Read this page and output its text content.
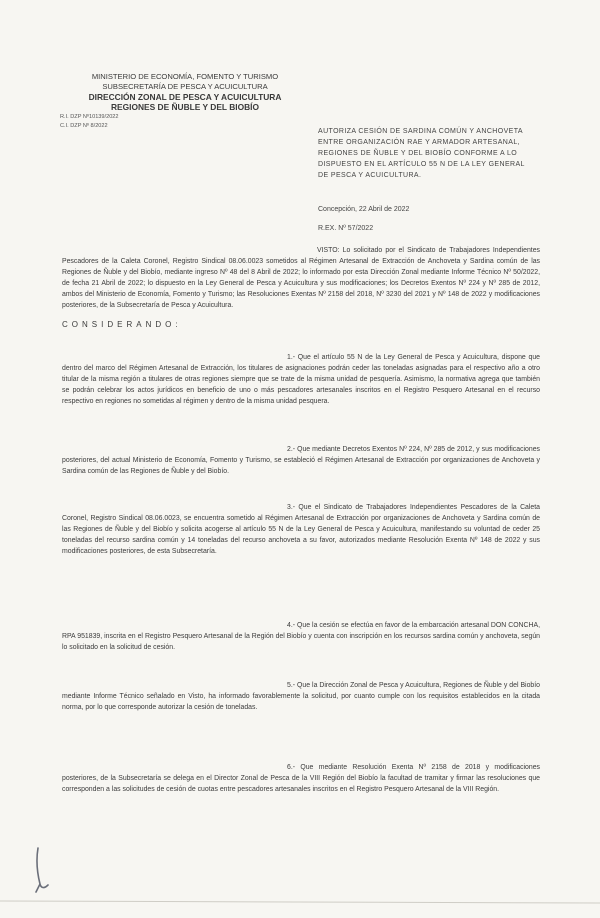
MINISTERIO DE ECONOMÍA, FOMENTO Y TURISMO
SUBSECRETARÍA DE PESCA Y ACUICULTURA
DIRECCIÓN ZONAL DE PESCA Y ACUICULTURA
REGIONES DE ÑUBLE Y DEL BIOBÍO
R.I. DZP Nº10139/2022
C.I. DZP Nº 8/2022
AUTORIZA CESIÓN DE SARDINA COMÚN Y ANCHOVETA ENTRE ORGANIZACIÓN RAE Y ARMADOR ARTESANAL, REGIONES DE ÑUBLE Y DEL BIOBÍO CONFORME A LO DISPUESTO EN EL ARTÍCULO 55 N DE LA LEY GENERAL DE PESCA Y ACUICULTURA.
Concepción, 22 Abril de 2022
R.EX. Nº 57/2022
VISTO: Lo solicitado por el Sindicato de Trabajadores Independientes Pescadores de la Caleta Coronel, Registro Sindical 08.06.0023 sometidos al Régimen Artesanal de Extracción de Anchoveta y Sardina común de las Regiones de Ñuble y del Biobío, mediante ingreso Nº 48 del 8 Abril de 2022; lo informado por esta Dirección Zonal mediante Informe Técnico Nº 50/2022, de fecha 21 Abril de 2022; lo dispuesto en la Ley General de Pesca y Acuicultura y sus modificaciones; los Decretos Exentos Nº 224 y Nº 285 de 2012, ambos del Ministerio de Economía, Fomento y Turismo; las Resoluciones Exentas Nº 2158 del 2018, Nº 3230 del 2021 y Nº 148 de 2022 y modificaciones posteriores, de la Subsecretaría de Pesca y Acuicultura.
CONSIDERANDO:
1.- Que el artículo 55 N de la Ley General de Pesca y Acuicultura, dispone que dentro del marco del Régimen Artesanal de Extracción, los titulares de asignaciones podrán ceder las toneladas asignadas para el respectivo año a otro titular de la misma región a titulares de otras regiones siempre que se trate de la misma unidad de pesquería. Asimismo, la normativa agrega que también se podrán celebrar los actos jurídicos en beneficio de uno o más pescadores artesanales inscritos en el Registro Pesquero Artesanal en el recurso respectivo en regiones no sometidas al régimen y dentro de la misma unidad pesquera.
2.- Que mediante Decretos Exentos Nº 224, Nº 285 de 2012, y sus modificaciones posteriores, del actual Ministerio de Economía, Fomento y Turismo, se estableció el Régimen Artesanal de Extracción por organizaciones de Anchoveta y Sardina común de las Regiones de Ñuble y del Biobío.
3.- Que el Sindicato de Trabajadores Independientes Pescadores de la Caleta Coronel, Registro Sindical 08.06.0023, se encuentra sometido al Régimen Artesanal de Extracción por organizaciones de Anchoveta y Sardina común de las Regiones de Ñuble y del Biobío y solicita acogerse al artículo 55 N de la Ley General de Pesca y Acuicultura, manifestando su voluntad de ceder 25 toneladas del recurso sardina común y 14 toneladas del recurso anchoveta a su favor, autorizados mediante Resolución Exenta Nº 148 de 2022 y sus modificaciones posteriores, de esta Subsecretaría.
4.- Que la cesión se efectúa en favor de la embarcación artesanal DON CONCHA, RPA 951839, inscrita en el Registro Pesquero Artesanal de la Región del Biobío y cuenta con inscripción en los recursos sardina común y anchoveta, según lo solicitado en la solicitud de cesión.
5.- Que la Dirección Zonal de Pesca y Acuicultura, Regiones de Ñuble y del Biobío mediante Informe Técnico señalado en Visto, ha informado favorablemente la solicitud, por cuanto cumple con los requisitos establecidos en la citada norma, por lo que corresponde autorizar la cesión de toneladas.
6.- Que mediante Resolución Exenta Nº 2158 de 2018 y modificaciones posteriores, de la Subsecretaría se delega en el Director Zonal de Pesca de la VIII Región del Biobío la facultad de tramitar y firmar las resoluciones que corresponden a las solicitudes de cesión de cuotas entre pescadores artesanales inscritos en el Registro Pesquero Artesanal de la VIII Región.
